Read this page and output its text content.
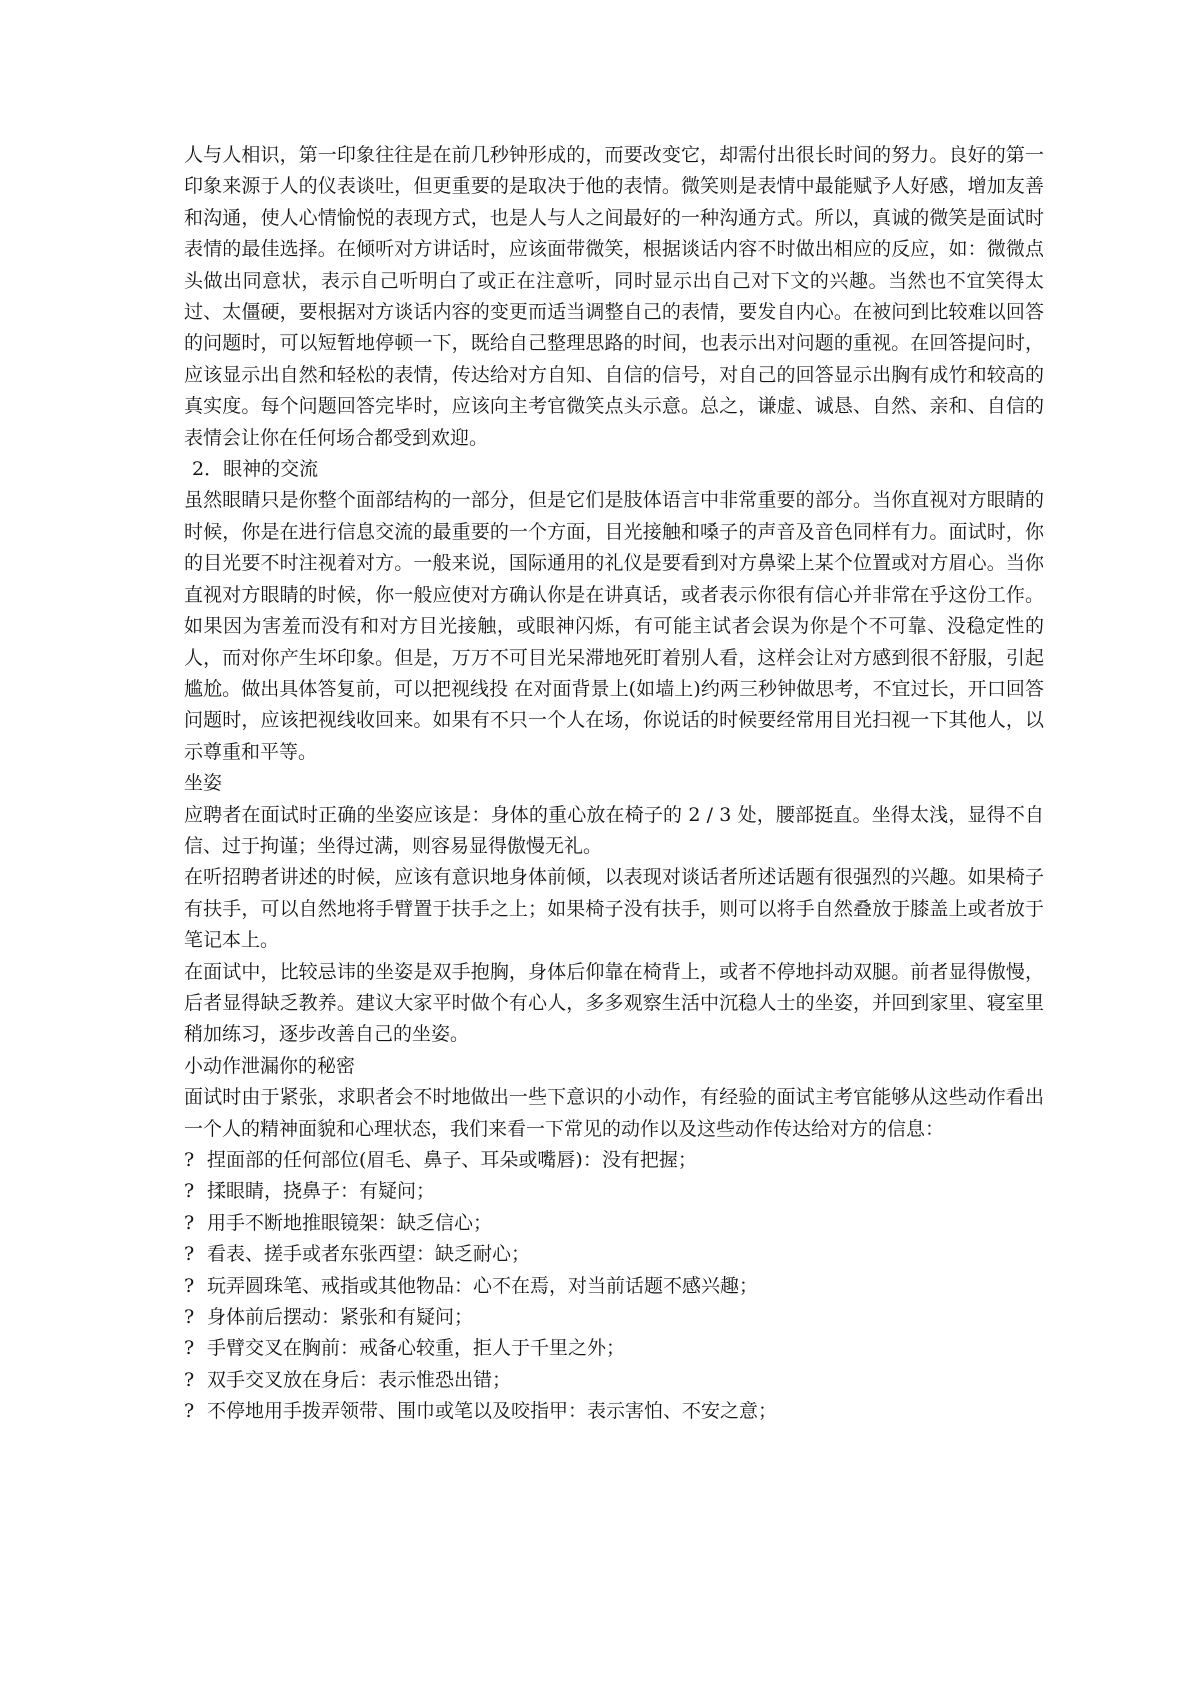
人与人相识，第一印象往往是在前几秒钟形成的，而要改变它，却需付出很长时间的努力。良好的第一印象来源于人的仪表谈吐，但更重要的是取决于他的表情。微笑则是表情中最能赋予人好感，增加友善和沟通，使人心情愉悦的表现方式，也是人与人之间最好的一种沟通方式。所以，真诚的微笑是面试时表情的最佳选择。在倾听对方讲话时，应该面带微笑，根据谈话内容不时做出相应的反应，如：微微点头做出同意状，表示自己听明白了或正在注意听，同时显示出自己对下文的兴趣。当然也不宜笑得太过、太僵硬，要根据对方谈话内容的变更而适当调整自己的表情，要发自内心。在被问到比较难以回答的问题时，可以短暂地停顿一下，既给自己整理思路的时间，也表示出对问题的重视。在回答提问时，应该显示出自然和轻松的表情，传达给对方自知、自信的信号，对自己的回答显示出胸有成竹和较高的真实度。每个问题回答完毕时，应该向主考官微笑点头示意。总之，谦虚、诚恳、自然、亲和、自信的表情会让你在任何场合都受到欢迎。

2．眼神的交流

虽然眼睛只是你整个面部结构的一部分，但是它们是肢体语言中非常重要的部分。当你直视对方眼睛的时候，你是在进行信息交流的最重要的一个方面，目光接触和嗓子的声音及音色同样有力。面试时，你的目光要不时注视着对方。一般来说，国际通用的礼仪是要看到对方鼻梁上某个位置或对方眉心。当你直视对方眼睛的时候，你一般应使对方确认你是在讲真话，或者表示你很有信心并非常在乎这份工作。如果因为害羞而没有和对方目光接触，或眼神闪烁，有可能主试者会误为你是个不可靠、没稳定性的人，而对你产生坏印象。但是，万万不可目光呆滞地死盯着别人看，这样会让对方感到很不舒服，引起尴尬。做出具体答复前，可以把视线投 在对面背景上(如墙上)约两三秒钟做思考，不宜过长，开口回答问题时，应该把视线收回来。如果有不只一个人在场，你说话的时候要经常用目光扫视一下其他人，以示尊重和平等。

坐姿

应聘者在面试时正确的坐姿应该是：身体的重心放在椅子的 2 / 3 处，腰部挺直。坐得太浅，显得不自信、过于拘谨；坐得过满，则容易显得傲慢无礼。

在听招聘者讲述的时候，应该有意识地身体前倾，以表现对谈话者所述话题有很强烈的兴趣。如果椅子有扶手，可以自然地将手臂置于扶手之上；如果椅子没有扶手，则可以将手自然叠放于膝盖上或者放于笔记本上。

在面试中，比较忌讳的坐姿是双手抱胸，身体后仰靠在椅背上，或者不停地抖动双腿。前者显得傲慢，后者显得缺乏教养。建议大家平时做个有心人，多多观察生活中沉稳人士的坐姿，并回到家里、寝室里稍加练习，逐步改善自己的坐姿。

小动作泄漏你的秘密

面试时由于紧张，求职者会不时地做出一些下意识的小动作，有经验的面试主考官能够从这些动作看出一个人的精神面貌和心理状态，我们来看一下常见的动作以及这些动作传达给对方的信息：

? 捏面部的任何部位(眉毛、鼻子、耳朵或嘴唇)：没有把握；
? 揉眼睛，挠鼻子：有疑问；
? 用手不断地推眼镜架：缺乏信心；
? 看表、搓手或者东张西望：缺乏耐心；
? 玩弄圆珠笔、戒指或其他物品：心不在焉，对当前话题不感兴趣；
? 身体前后摆动：紧张和有疑问；
? 手臂交叉在胸前：戒备心较重，拒人于千里之外；
? 双手交叉放在身后：表示惟恐出错；
? 不停地用手拨弄领带、围巾或笔以及咬指甲：表示害怕、不安之意；
